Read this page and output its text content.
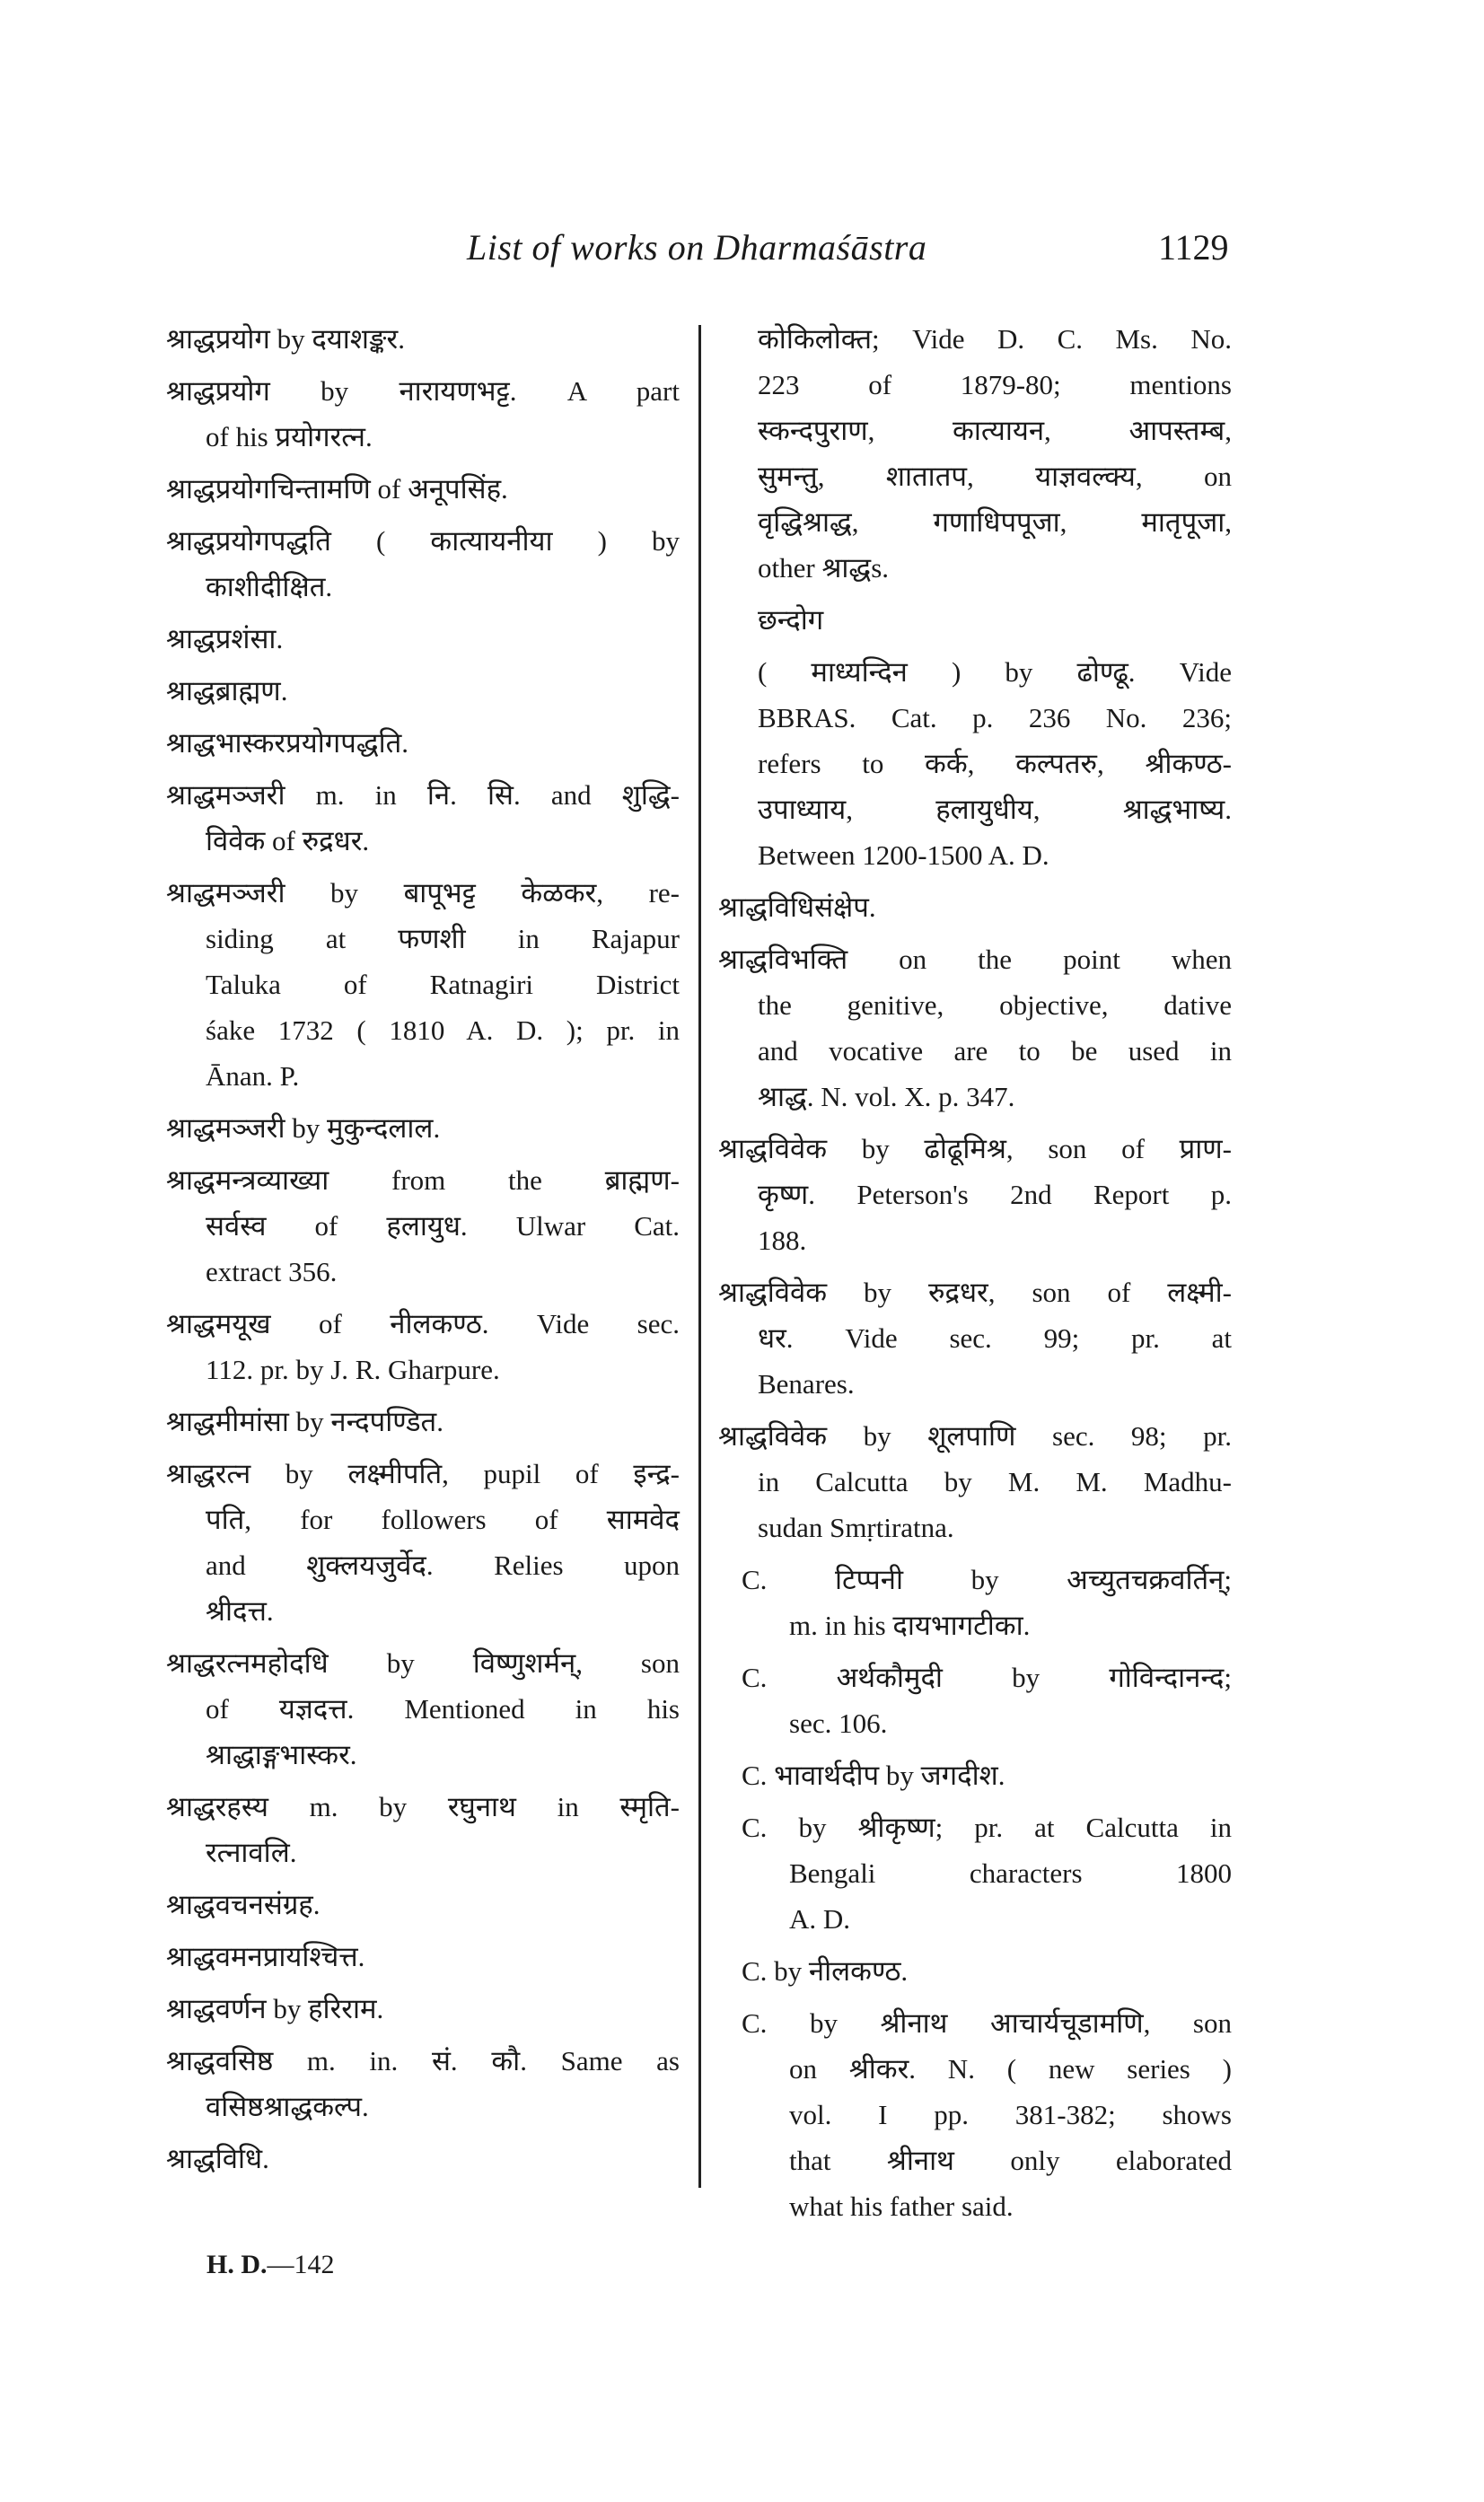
List of works on Dharmaśāstra	1129
श्राद्धप्रयोग by दयाशङ्कर.
श्राद्धप्रयोग by नारायणभट्ट. A part
of his प्रयोगरत्न.
श्राद्धप्रयोगचिन्तामणि of अनूपसिंह.
श्राद्धप्रयोगपद्धति ( कात्यायनीया ) by
काशीदीक्षित.
श्राद्धप्रशंसा.
श्राद्धब्राह्मण.
श्राद्धभास्करप्रयोगपद्धति.
श्राद्धमञ्जरी m. in नि. सि. and शुद्धि-
विवेक of रुद्रधर.
श्राद्धमञ्जरी by बापूभट्ट केळकर, re-
siding at फणशी in Rajapur
Taluka of Ratnagiri District
śake 1732 ( 1810 A. D. ); pr. in
Ānan. P.
श्राद्धमञ्जरी by मुकुन्दलाल.
श्राद्धमन्त्रव्याख्या from the ब्राह्मण-
सर्वस्व of हलायुध. Ulwar Cat.
extract 356.
श्राद्धमयूख of नीलकण्ठ. Vide sec.
112. pr. by J. R. Gharpure.
श्राद्धमीमांसा by नन्दपण्डित.
श्राद्धरत्न by लक्ष्मीपति, pupil of इन्द्र-
पति, for followers of सामवेद
and शुक्लयजुर्वेद. Relies upon
श्रीदत्त.
श्राद्धरत्नमहोदधि by विष्णुशर्मन्, son
of यज्ञदत्त. Mentioned in his
श्राद्धाङ्गभास्कर.
श्राद्धरहस्य m. by रघुनाथ in स्मृति-
रत्नावलि.
श्राद्धवचनसंग्रह.
श्राद्धवमनप्रायश्चित्त.
श्राद्धवर्णन by हरिराम.
श्राद्धवसिष्ठ m. in. सं. कौ. Same as
वसिष्ठश्राद्धकल्प.
श्राद्धविधि.
कोकिलोक्त; Vide D. C. Ms. No.
223 of 1879-80; mentions
स्कन्दपुराण, कात्यायन, आपस्तम्ब,
सुमन्तु, शातातप, याज्ञवल्क्य, on
वृद्धिश्राद्ध, गणाधिपपूजा, मातृपूजा,
other श्राद्धs.
छन्दोग
( माध्यन्दिन ) by ढोण्ढू. Vide
BBRAS. Cat. p. 236 No. 236;
refers to कर्क, कल्पतरु, श्रीकण्ठ-
उपाध्याय, हलायुधीय, श्राद्धभाष्य.
Between 1200-1500 A. D.
श्राद्धविधिसंक्षेप.
श्राद्धविभक्ति on the point when
the genitive, objective, dative
and vocative are to be used in
श्राद्ध. N. vol. X. p. 347.
श्राद्धविवेक by ढोढूमिश्र, son of प्राण-
कृष्ण. Peterson's 2nd Report p.
188.
श्राद्धविवेक by रुद्रधर, son of लक्ष्मी-
धर. Vide sec. 99; pr. at
Benares.
श्राद्धविवेक by शूलपाणि sec. 98; pr.
in Calcutta by M. M. Madhu-
sudan Smṛtiratna.
C. टिप्पनी by अच्युतचक्रवर्तिन्;
m. in his दायभागटीका.
C. अर्थकौमुदी by गोविन्दानन्द;
sec. 106.
C. भावार्थदीप by जगदीश.
C. by श्रीकृष्ण; pr. at Calcutta in
Bengali characters 1800
A. D.
C. by नीलकण्ठ.
C. by श्रीनाथ आचार्यचूडामणि, son
on श्रीकर. N. ( new series )
vol. I pp. 381-382; shows
that श्रीनाथ only elaborated
what his father said.
H. D.—142
